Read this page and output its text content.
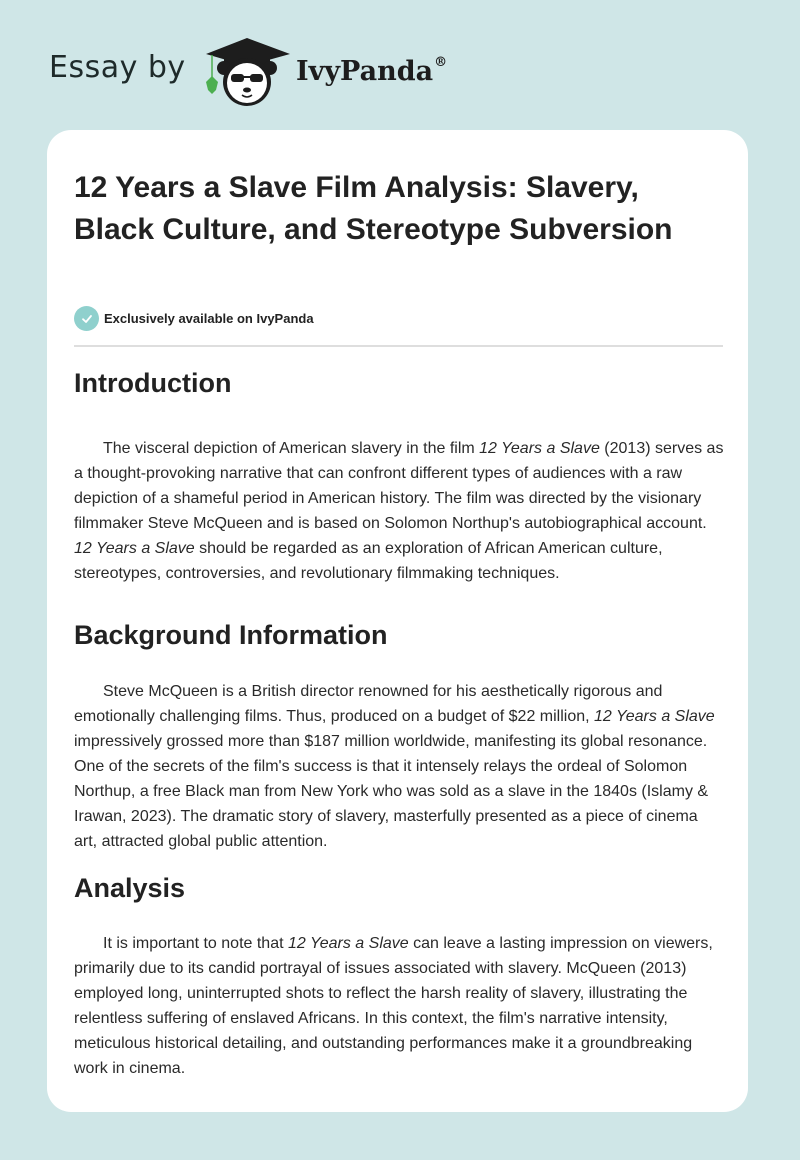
Essay by	IvyPanda®
12 Years a Slave Film Analysis: Slavery, Black Culture, and Stereotype Subversion
Exclusively available on IvyPanda
Introduction

The visceral depiction of American slavery in the film 12 Years a Slave (2013) serves as a thought-provoking narrative that can confront different types of audiences with a raw depiction of a shameful period in American history. The film was directed by the visionary filmmaker Steve McQueen and is based on Solomon Northup's autobiographical account. 12 Years a Slave should be regarded as an exploration of African American culture, stereotypes, controversies, and revolutionary filmmaking techniques.

Background Information

Steve McQueen is a British director renowned for his aesthetically rigorous and emotionally challenging films. Thus, produced on a budget of $22 million, 12 Years a Slave impressively grossed more than $187 million worldwide, manifesting its global resonance. One of the secrets of the film's success is that it intensely relays the ordeal of Solomon Northup, a free Black man from New York who was sold as a slave in the 1840s (Islamy & Irawan, 2023). The dramatic story of slavery, masterfully presented as a piece of cinema art, attracted global public attention.

Analysis

It is important to note that 12 Years a Slave can leave a lasting impression on viewers, primarily due to its candid portrayal of issues associated with slavery. McQueen (2013) employed long, uninterrupted shots to reflect the harsh reality of slavery, illustrating the relentless suffering of enslaved Africans. In this context, the film's narrative intensity, meticulous historical detailing, and outstanding performances make it a groundbreaking work in cinema.
